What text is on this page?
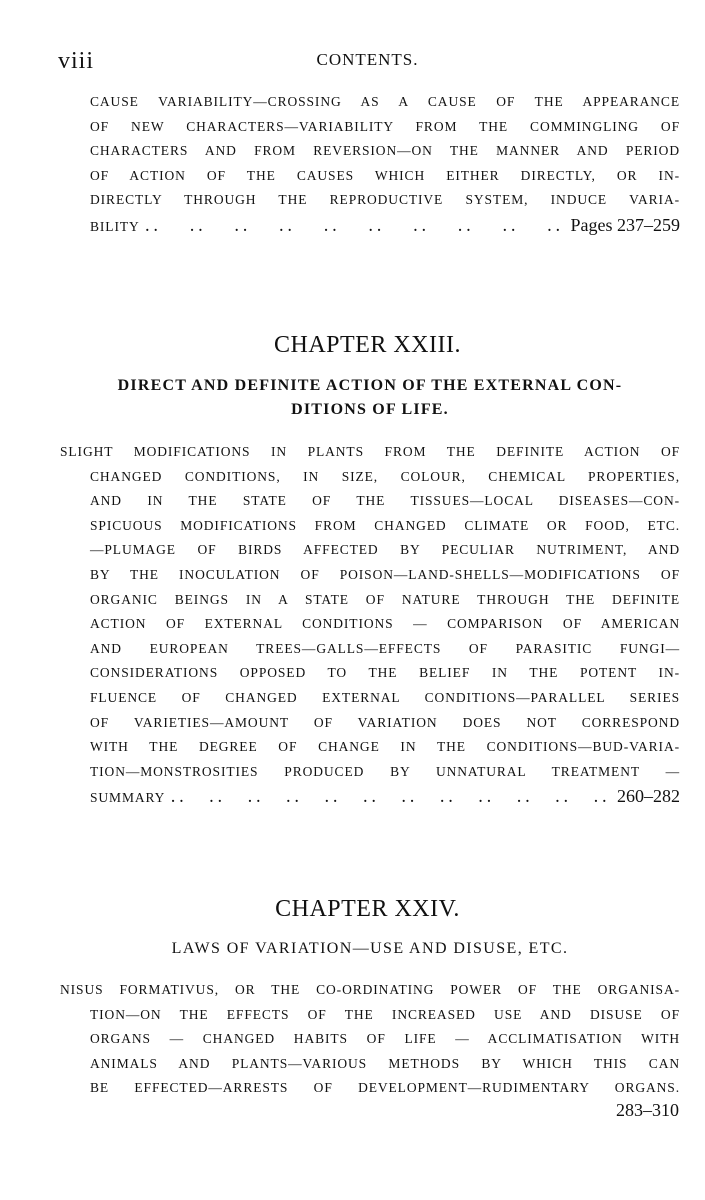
viii	CONTENTS.
CAUSE VARIABILITY—CROSSING AS A CAUSE OF THE APPEARANCE
OF NEW CHARACTERS—VARIABILITY FROM THE COMMINGLING OF
CHARACTERS AND FROM REVERSION—ON THE MANNER AND PERIOD
OF ACTION OF THE CAUSES WHICH EITHER DIRECTLY, OR IN-
DIRECTLY THROUGH THE REPRODUCTIVE SYSTEM, INDUCE VARIA-
BILITY .. .. .. .. .. .. .. .. .. .. Pages 237–259
CHAPTER XXIII.
DIRECT AND DEFINITE ACTION OF THE EXTERNAL CON-
DITIONS OF LIFE.
SLIGHT MODIFICATIONS IN PLANTS FROM THE DEFINITE ACTION OF
CHANGED CONDITIONS, IN SIZE, COLOUR, CHEMICAL PROPERTIES,
AND IN THE STATE OF THE TISSUES—LOCAL DISEASES—CON-
SPICUOUS MODIFICATIONS FROM CHANGED CLIMATE OR FOOD, ETC.
—PLUMAGE OF BIRDS AFFECTED BY PECULIAR NUTRIMENT, AND
BY THE INOCULATION OF POISON—LAND-SHELLS—MODIFICATIONS OF
ORGANIC BEINGS IN A STATE OF NATURE THROUGH THE DEFINITE
ACTION OF EXTERNAL CONDITIONS — COMPARISON OF AMERICAN
AND EUROPEAN TREES—GALLS—EFFECTS OF PARASITIC FUNGI—
CONSIDERATIONS OPPOSED TO THE BELIEF IN THE POTENT IN-
FLUENCE OF CHANGED EXTERNAL CONDITIONS—PARALLEL SERIES
OF VARIETIES—AMOUNT OF VARIATION DOES NOT CORRESPOND
WITH THE DEGREE OF CHANGE IN THE CONDITIONS—BUD-VARIA-
TION—MONSTROSITIES PRODUCED BY UNNATURAL TREATMENT —
SUMMARY .. .. .. .. .. .. .. .. .. .. .. .. 260–282
CHAPTER XXIV.
LAWS OF VARIATION—USE AND DISUSE, ETC.
NISUS FORMATIVUS, OR THE CO-ORDINATING POWER OF THE ORGANISA-
TION—ON THE EFFECTS OF THE INCREASED USE AND DISUSE OF
ORGANS — CHANGED HABITS OF LIFE — ACCLIMATISATION WITH
ANIMALS AND PLANTS—VARIOUS METHODS BY WHICH THIS CAN
BE EFFECTED—ARRESTS OF DEVELOPMENT—RUDIMENTARY ORGANS.
283–310
